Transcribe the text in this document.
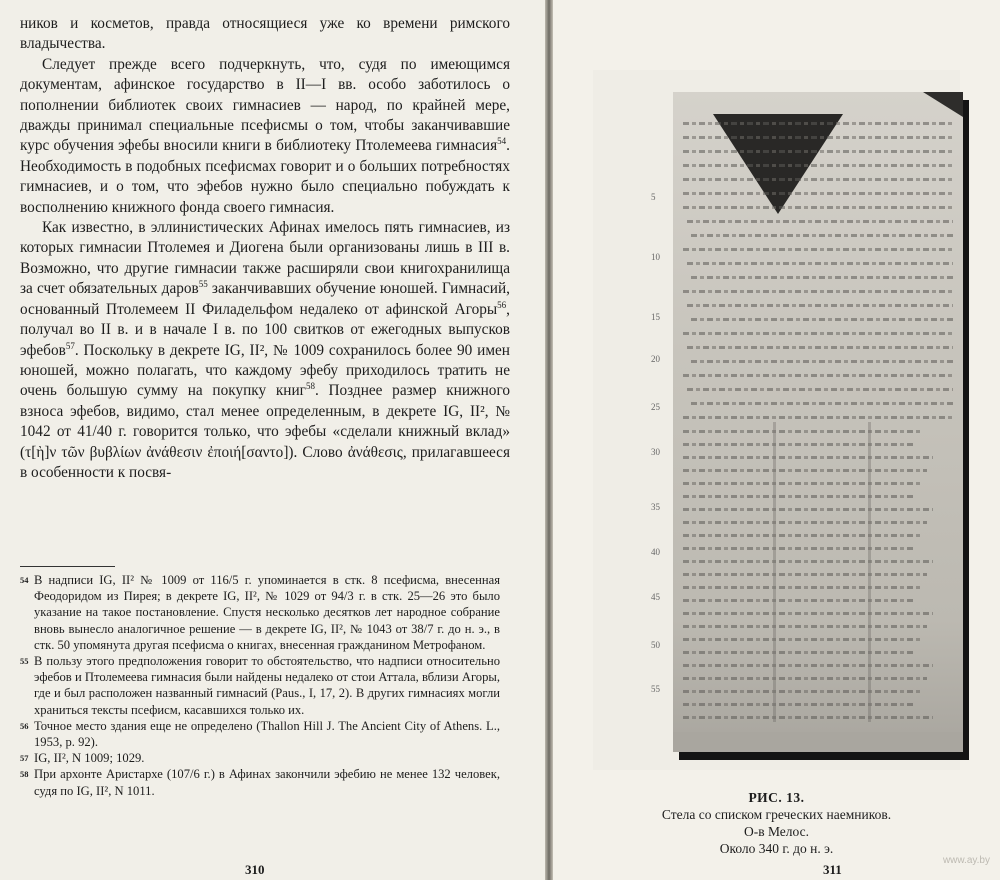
ников и косметов, правда относящиеся уже ко времени римского владычества.

Следует прежде всего подчеркнуть, что, судя по имеющимся документам, афинское государство в II—I вв. особо заботилось о пополнении библиотек своих гимнасиев — народ, по крайней мере, дважды принимал специальные псефисмы о том, чтобы заканчивавшие курс обучения эфебы вносили книги в библиотеку Птолемеева гимнасия$^{54}$. Необходимость в подобных псефисмах говорит и о больших потребностях гимнасиев, и о том, что эфебов нужно было специально побуждать к восполнению книжного фонда своего гимнасия.

Как известно, в эллинистических Афинах имелось пять гимнасиев, из которых гимнасии Птолемея и Диогена были организованы лишь в III в. Возможно, что другие гимнасии также расширяли свои книгохранилища за счет обязательных даров$^{55}$ заканчивавших обучение юношей. Гимнасий, основанный Птолемеем II Филадельфом недалеко от афинской Агоры$^{56}$, получал во II в. и в начале I в. по 100 свитков от ежегодных выпусков эфебов$^{57}$. Поскольку в декрете IG, II², № 1009 сохранилось более 90 имен юношей, можно полагать, что каждому эфебу приходилось тратить не очень большую сумму на покупку книг$^{58}$. Позднее размер книжного взноса эфебов, видимо, стал менее определенным, в декрете IG, II², № 1042 от 41/40 г. говорится только, что эфебы «сделали книжный вклад» (τ[ὴ]ν τῶν βυβλίων ἀνάθεσιν ἐποιή[σαντο]). Слово ἀνάθεσις, прилагавшееся в особенности к посвя-

54 В надписи IG, II² № 1009 от 116/5 г. упоминается в стк. 8 псефисма, внесенная Феодоридом из Пирея; в декрете IG, II², № 1029 от 94/3 г. в стк. 25—26 это было указание на такое постановление. Спустя несколько десятков лет народное собрание вновь вынесло аналогичное решение — в декрете IG, II², № 1043 от 38/7 г. до н. э., в стк. 50 упомянута другая псефисма о книгах, внесенная гражданином Метрофаном.
55 В пользу этого предположения говорит то обстоятельство, что надписи относительно эфебов и Птолемеева гимнасия были найдены недалеко от стои Аттала, вблизи Агоры, где и был расположен названный гимнасий (Paus., I, 17, 2). В других гимнасиях могли храниться тексты псефисм, касавшихся только их.
56 Точное место здания еще не определено (Thallon Hill J. The Ancient City of Athens. L., 1953, p. 92).
57 IG, II², N 1009; 1029.
58 При архонте Аристархе (107/6 г.) в Афинах закончили эфебию не менее 132 человек, судя по IG, II², N 1011.
310
5
10
15
20
25
30
35
40
45
50
55
РИС. 13.
Стела со списком греческих наемников.
О-в Мелос.
Около 340 г. до н. э.
311
www.ay.by
